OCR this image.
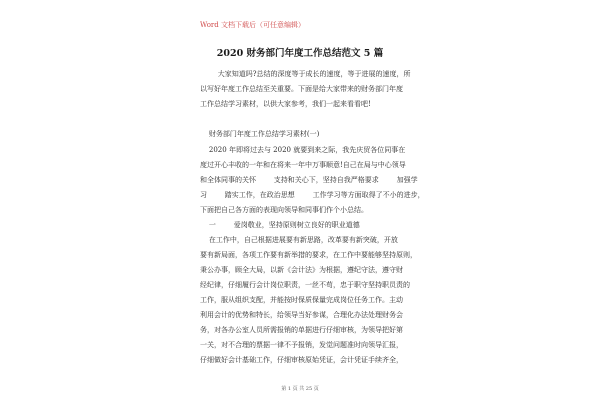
Word 文档下载后（可任意编辑）
2020 财务部门年度工作总结范文 5 篇
大家知道吗?总结的深度等于成长的速度，等于进展的速度，所
以写好年度工作总结至关重要。下面是给大家带来的财务部门年度
工作总结学习素材，以供大家参考，我们一起来看看吧!
财务部门年度工作总结学习素材(一)
2020 年即将过去与 2020 就要到来之际，我先庆贸各位同事在
度过开心丰收的一年和在将来一年中万事顺意!自己在局与中心领导
和全体同事的关怀        支持和关心下，坚持自我严格要求        加强学
习        踏实工作，在政治思想        工作学习等方面取得了不小的进步，
下面把自己各方面的表现向领导和同事们作个小总结。
一        爱岗敬业，坚持原则树立良好的职业道德
在工作中，自己根据进展要有新思路，改革要有新突破，开放
要有新局面，各项工作要有新举措的要求，在工作中要能够坚持原则，
秉公办事，顾全大局，以新《会计法》为根据，遵纪守法，遵守财
经纪律，仔细履行会计岗位职责，一丝不苟，忠于职守坚持职员责的
工作，服从组织支配，并能按时保质保量完成岗位任务工作。主动
利用会计的优势和特长，给领导当好参谋，合理化办法处理财务会
务，对各办公室人员所需报销的单据进行仔细审核，为领导把好第
一关，对不合理的票据一律不予报销，发觉问题准时向领导汇报，
仔细做好会计基础工作，仔细审核原始凭证，会计凭证手续齐全，
第 1 页 共 25 页
